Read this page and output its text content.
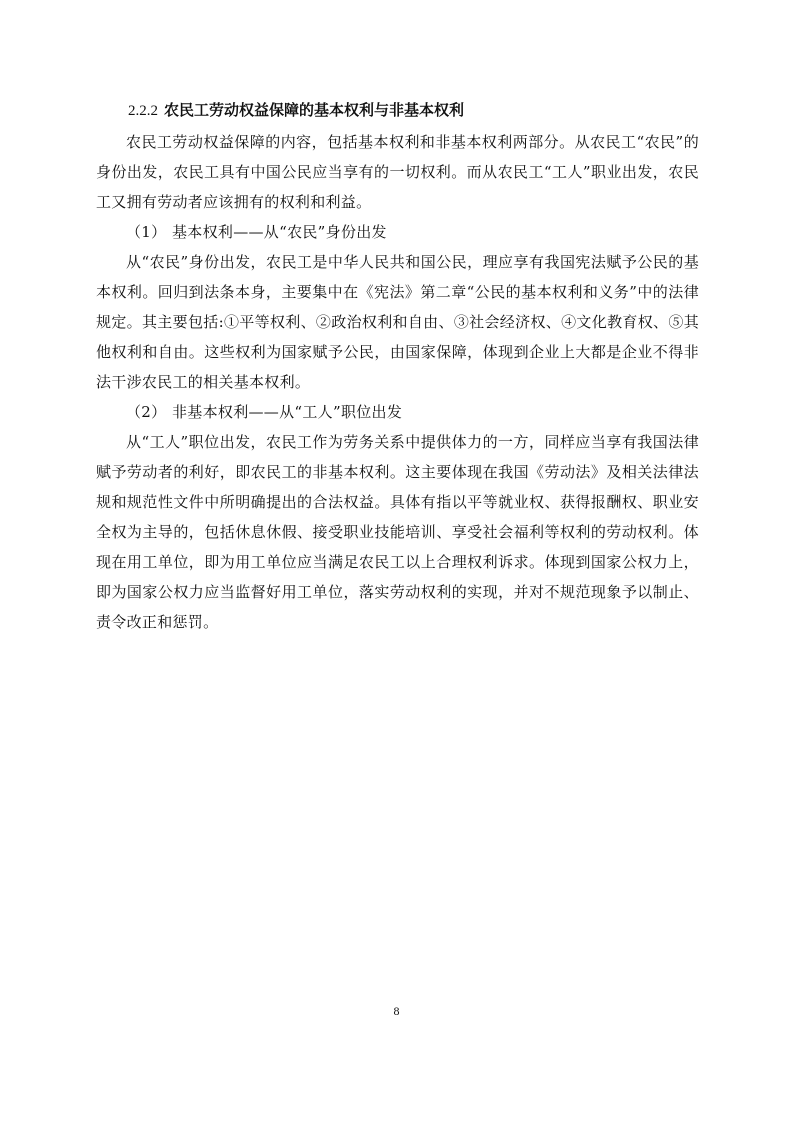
2.2.2 农民工劳动权益保障的基本权利与非基本权利

农民工劳动权益保障的内容，包括基本权利和非基本权利两部分。从农民工“农民”的身份出发，农民工具有中国公民应当享有的一切权利。而从农民工“工人”职业出发，农民工又拥有劳动者应该拥有的权利和利益。

（1） 基本权利——从“农民”身份出发

从“农民”身份出发，农民工是中华人民共和国公民，理应享有我国宪法赋予公民的基本权利。回归到法条本身，主要集中在《宪法》第二章“公民的基本权利和义务”中的法律规定。其主要包括:①平等权利、②政治权利和自由、③社会经济权、④文化教育权、⑤其他权利和自由。这些权利为国家赋予公民，由国家保障，体现到企业上大都是企业不得非法干涉农民工的相关基本权利。

（2） 非基本权利——从“工人”职位出发

从“工人”职位出发，农民工作为劳务关系中提供体力的一方，同样应当享有我国法律赋予劳动者的利好，即农民工的非基本权利。这主要体现在我国《劳动法》及相关法律法规和规范性文件中所明确提出的合法权益。具体有指以平等就业权、获得报酬权、职业安全权为主导的，包括休息休假、接受职业技能培训、享受社会福利等权利的劳动权利。体现在用工单位，即为用工单位应当满足农民工以上合理权利诉求。体现到国家公权力上，即为国家公权力应当监督好用工单位，落实劳动权利的实现，并对不规范现象予以制止、责令改正和惩罚。

8
